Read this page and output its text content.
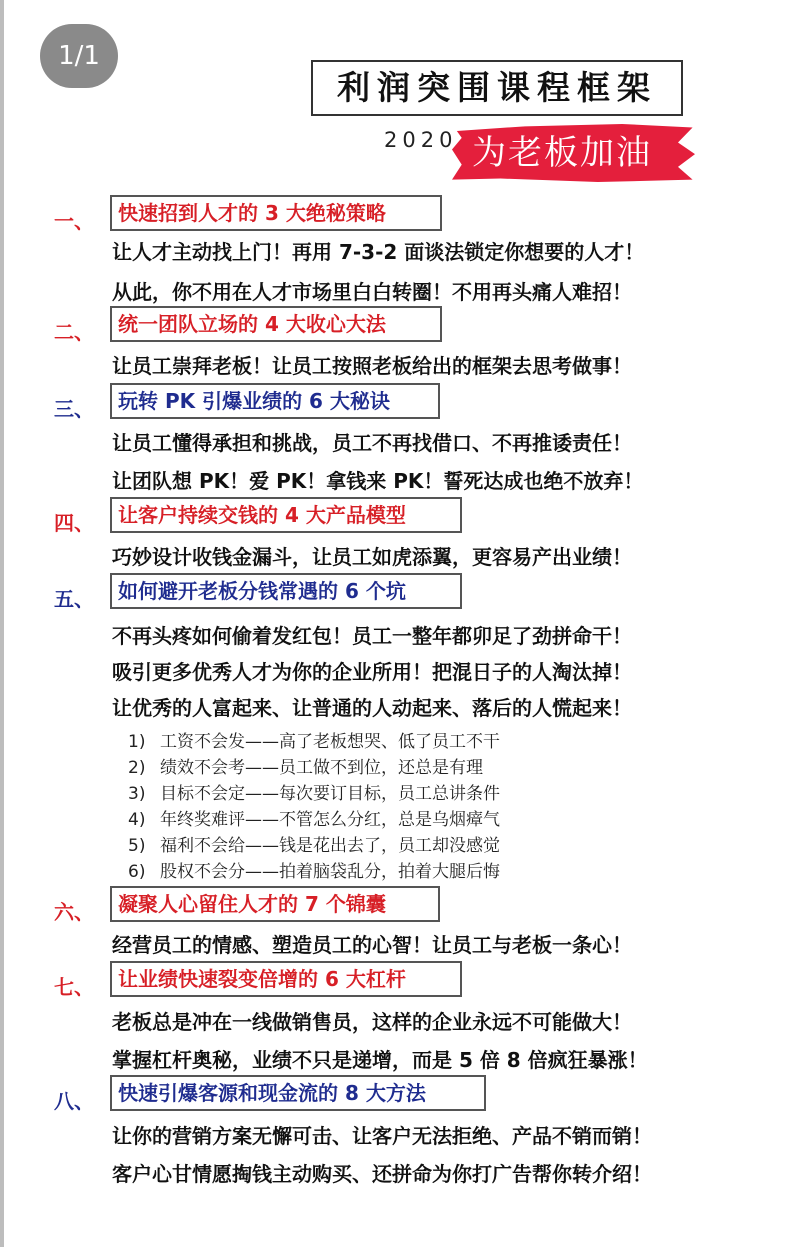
1/1
利润突围课程框架
2020 为老板加油
一、	快速招到人才的 3 大绝秘策略
让人才主动找上门！再用 7-3-2 面谈法锁定你想要的人才！
从此，你不用在人才市场里白白转圈！不用再头痛人难招！
二、	统一团队立场的 4 大收心大法
让员工崇拜老板！让员工按照老板给出的框架去思考做事！
三、	玩转 PK 引爆业绩的 6 大秘诀
让员工懂得承担和挑战，员工不再找借口、不再推诿责任！
让团队想 PK！爱 PK！拿钱来 PK！誓死达成也绝不放弃！
四、	让客户持续交钱的 4 大产品模型
巧妙设计收钱金漏斗，让员工如虎添翼，更容易产出业绩！
五、	如何避开老板分钱常遇的 6 个坑
不再头疼如何偷着发红包！员工一整年都卯足了劲拼命干！
吸引更多优秀人才为你的企业所用！把混日子的人淘汰掉！
让优秀的人富起来、让普通的人动起来、落后的人慌起来！
1) 工资不会发——高了老板想哭、低了员工不干
2) 绩效不会考——员工做不到位，还总是有理
3) 目标不会定——每次要订目标，员工总讲条件
4) 年终奖难评——不管怎么分红，总是乌烟瘴气
5) 福利不会给——钱是花出去了，员工却没感觉
6) 股权不会分——拍着脑袋乱分，拍着大腿后悔
六、	凝聚人心留住人才的 7 个锦囊
经营员工的情感、塑造员工的心智！让员工与老板一条心！
七、	让业绩快速裂变倍增的 6 大杠杆
老板总是冲在一线做销售员，这样的企业永远不可能做大！
掌握杠杆奥秘，业绩不只是递增，而是 5 倍 8 倍疯狂暴涨！
八、	快速引爆客源和现金流的 8 大方法
让你的营销方案无懈可击、让客户无法拒绝、产品不销而销！
客户心甘情愿掏钱主动购买、还拼命为你打广告帮你转介绍！
